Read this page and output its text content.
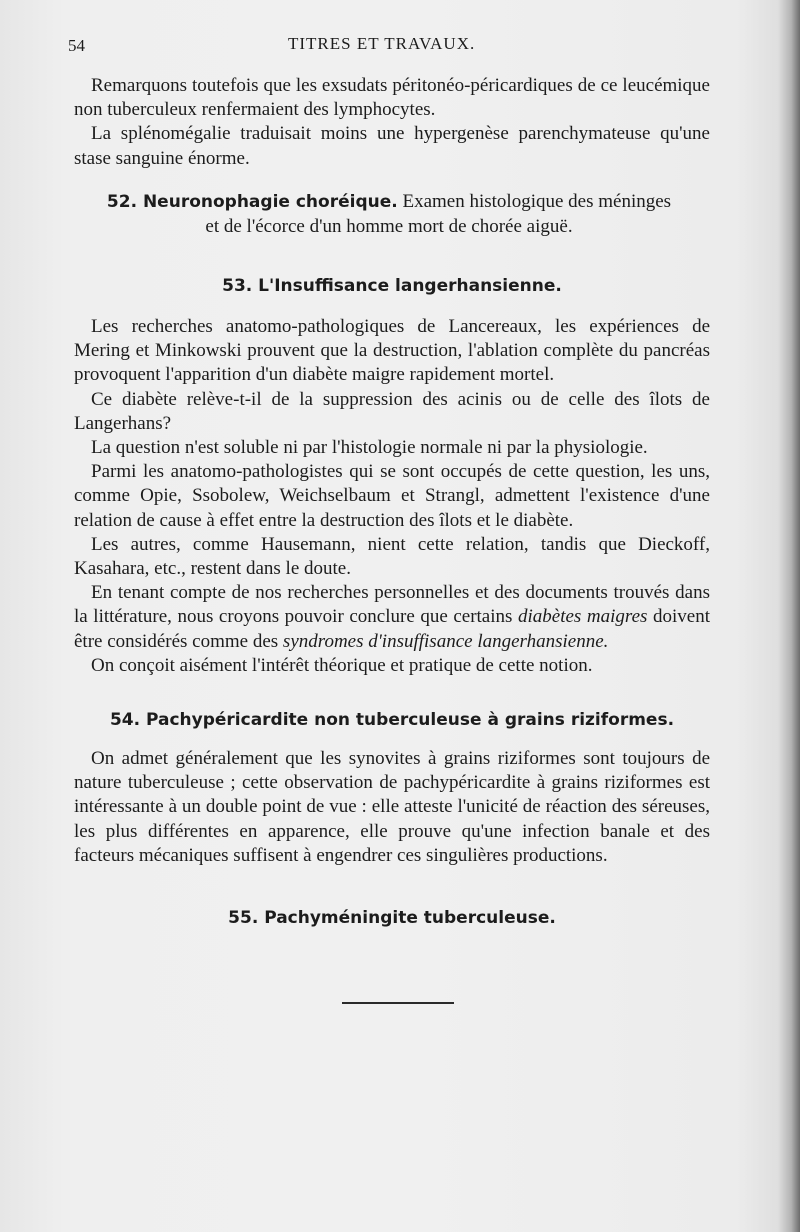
54	TITRES ET TRAVAUX.

Remarquons toutefois que les exsudats péritonéo-péricardiques de ce leucémique non tuberculeux renfermaient des lymphocytes.

La splénomégalie traduisait moins une hypergenèse parenchymateuse qu'une stase sanguine énorme.

52. Neuronophagie choréique. Examen histologique des méninges et de l'écorce d'un homme mort de chorée aiguë.
53. L'Insuffisance langerhansienne.

Les recherches anatomo-pathologiques de Lancereaux, les expériences de Mering et Minkowski prouvent que la destruction, l'ablation complète du pancréas provoquent l'apparition d'un diabète maigre rapidement mortel.

Ce diabète relève-t-il de la suppression des acinis ou de celle des îlots de Langerhans?

La question n'est soluble ni par l'histologie normale ni par la physiologie.

Parmi les anatomo-pathologistes qui se sont occupés de cette question, les uns, comme Opie, Ssobolew, Weichselbaum et Strangl, admettent l'existence d'une relation de cause à effet entre la destruction des îlots et le diabète.

Les autres, comme Hausemann, nient cette relation, tandis que Dieckoff, Kasahara, etc., restent dans le doute.

En tenant compte de nos recherches personnelles et des documents trouvés dans la littérature, nous croyons pouvoir conclure que certains diabètes maigres doivent être considérés comme des syndromes d'insuffisance langerhansienne.

On conçoit aisément l'intérêt théorique et pratique de cette notion.

54. Pachypéricardite non tuberculeuse à grains riziformes.

On admet généralement que les synovites à grains riziformes sont toujours de nature tuberculeuse ; cette observation de pachypéricardite à grains riziformes est intéressante à un double point de vue : elle atteste l'unicité de réaction des séreuses, les plus différentes en apparence, elle prouve qu'une infection banale et des facteurs mécaniques suffisent à engendrer ces singulières productions.

55. Pachyméningite tuberculeuse.
